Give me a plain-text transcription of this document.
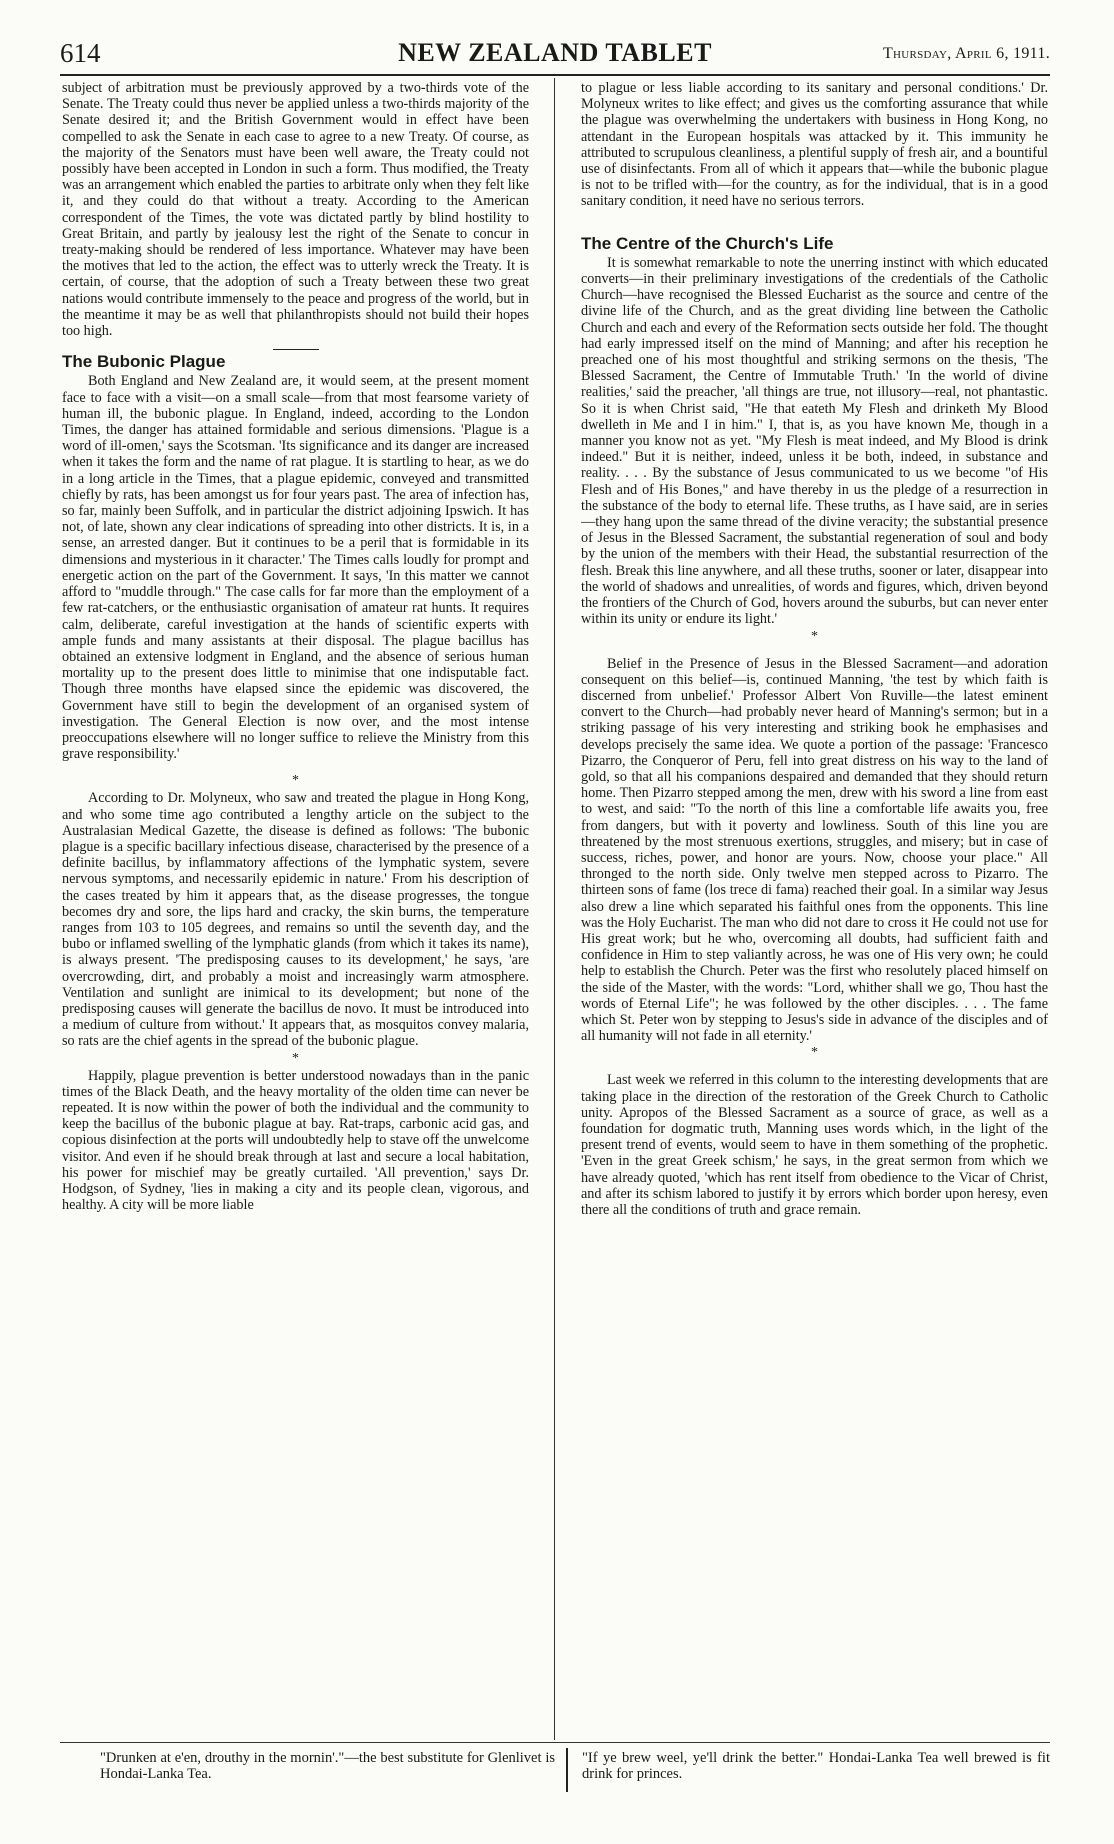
614	NEW ZEALAND TABLET	Thursday, April 6, 1911.

subject of arbitration must be previously approved by a two-thirds vote of the Senate. The Treaty could thus never be applied unless a two-thirds majority of the Senate desired it; and the British Government would in effect have been compelled to ask the Senate in each case to agree to a new Treaty. Of course, as the majority of the Senators must have been well aware, the Treaty could not possibly have been accepted in London in such a form. Thus modified, the Treaty was an arrangement which enabled the parties to arbitrate only when they felt like it, and they could do that without a treaty. According to the American correspondent of the Times, the vote was dictated partly by blind hostility to Great Britain, and partly by jealousy lest the right of the Senate to concur in treaty-making should be rendered of less importance. Whatever may have been the motives that led to the action, the effect was to utterly wreck the Treaty. It is certain, of course, that the adoption of such a Treaty between these two great nations would contribute immensely to the peace and progress of the world, but in the meantime it may be as well that philanthropists should not build their hopes too high.

The Bubonic Plague

Both England and New Zealand are, it would seem, at the present moment face to face with a visit—on a small scale—from that most fearsome variety of human ill, the bubonic plague. In England, indeed, according to the London Times, the danger has attained formidable and serious dimensions. 'Plague is a word of ill-omen,' says the Scotsman. 'Its significance and its danger are increased when it takes the form and the name of rat plague. It is startling to hear, as we do in a long article in the Times, that a plague epidemic, conveyed and transmitted chiefly by rats, has been amongst us for four years past. The area of infection has, so far, mainly been Suffolk, and in particular the district adjoining Ipswich. It has not, of late, shown any clear indications of spreading into other districts. It is, in a sense, an arrested danger. But it continues to be a peril that is formidable in its dimensions and mysterious in it character.' The Times calls loudly for prompt and energetic action on the part of the Government. It says, 'In this matter we cannot afford to "muddle through." The case calls for far more than the employment of a few rat-catchers, or the enthusiastic organisation of amateur rat hunts. It requires calm, deliberate, careful investigation at the hands of scientific experts with ample funds and many assistants at their disposal. The plague bacillus has obtained an extensive lodgment in England, and the absence of serious human mortality up to the present does little to minimise that one indisputable fact. Though three months have elapsed since the epidemic was discovered, the Government have still to begin the development of an organised system of investigation. The General Election is now over, and the most intense preoccupations elsewhere will no longer suffice to relieve the Ministry from this grave responsibility.'

*

According to Dr. Molyneux, who saw and treated the plague in Hong Kong, and who some time ago contributed a lengthy article on the subject to the Australasian Medical Gazette, the disease is defined as follows: 'The bubonic plague is a specific bacillary infectious disease, characterised by the presence of a definite bacillus, by inflammatory affections of the lymphatic system, severe nervous symptoms, and necessarily epidemic in nature.' From his description of the cases treated by him it appears that, as the disease progresses, the tongue becomes dry and sore, the lips hard and cracky, the skin burns, the temperature ranges from 103 to 105 degrees, and remains so until the seventh day, and the bubo or inflamed swelling of the lymphatic glands (from which it takes its name), is always present. 'The predisposing causes to its development,' he says, 'are overcrowding, dirt, and probably a moist and increasingly warm atmosphere. Ventilation and sunlight are inimical to its development; but none of the predisposing causes will generate the bacillus de novo. It must be introduced into a medium of culture from without.' It appears that, as mosquitos convey malaria, so rats are the chief agents in the spread of the bubonic plague.

*

Happily, plague prevention is better understood nowadays than in the panic times of the Black Death, and the heavy mortality of the olden time can never be repeated. It is now within the power of both the individual and the community to keep the bacillus of the bubonic plague at bay. Rat-traps, carbonic acid gas, and copious disinfection at the ports will undoubtedly help to stave off the unwelcome visitor. And even if he should break through at last and secure a local habitation, his power for mischief may be greatly curtailed. 'All prevention,' says Dr. Hodgson, of Sydney, 'lies in making a city and its people clean, vigorous, and healthy. A city will be more liable

to plague or less liable according to its sanitary and personal conditions.' Dr. Molyneux writes to like effect; and gives us the comforting assurance that while the plague was overwhelming the undertakers with business in Hong Kong, no attendant in the European hospitals was attacked by it. This immunity he attributed to scrupulous cleanliness, a plentiful supply of fresh air, and a bountiful use of disinfectants. From all of which it appears that—while the bubonic plague is not to be trifled with—for the country, as for the individual, that is in a good sanitary condition, it need have no serious terrors.

The Centre of the Church's Life

It is somewhat remarkable to note the unerring instinct with which educated converts—in their preliminary investigations of the credentials of the Catholic Church—have recognised the Blessed Eucharist as the source and centre of the divine life of the Church, and as the great dividing line between the Catholic Church and each and every of the Reformation sects outside her fold. The thought had early impressed itself on the mind of Manning; and after his reception he preached one of his most thoughtful and striking sermons on the thesis, 'The Blessed Sacrament, the Centre of Immutable Truth.' 'In the world of divine realities,' said the preacher, 'all things are true, not illusory—real, not phantastic. So it is when Christ said, "He that eateth My Flesh and drinketh My Blood dwelleth in Me and I in him." I, that is, as you have known Me, though in a manner you know not as yet. "My Flesh is meat indeed, and My Blood is drink indeed." But it is neither, indeed, unless it be both, indeed, in substance and reality. . . . By the substance of Jesus communicated to us we become "of His Flesh and of His Bones," and have thereby in us the pledge of a resurrection in the substance of the body to eternal life. These truths, as I have said, are in series—they hang upon the same thread of the divine veracity; the substantial presence of Jesus in the Blessed Sacrament, the substantial regeneration of soul and body by the union of the members with their Head, the substantial resurrection of the flesh. Break this line anywhere, and all these truths, sooner or later, disappear into the world of shadows and unrealities, of words and figures, which, driven beyond the frontiers of the Church of God, hovers around the suburbs, but can never enter within its unity or endure its light.'

*

Belief in the Presence of Jesus in the Blessed Sacrament—and adoration consequent on this belief—is, continued Manning, 'the test by which faith is discerned from unbelief.' Professor Albert Von Ruville—the latest eminent convert to the Church—had probably never heard of Manning's sermon; but in a striking passage of his very interesting and striking book he emphasises and develops precisely the same idea. We quote a portion of the passage: 'Francesco Pizarro, the Conqueror of Peru, fell into great distress on his way to the land of gold, so that all his companions despaired and demanded that they should return home. Then Pizarro stepped among the men, drew with his sword a line from east to west, and said: "To the north of this line a comfortable life awaits you, free from dangers, but with it poverty and lowliness. South of this line you are threatened by the most strenuous exertions, struggles, and misery; but in case of success, riches, power, and honor are yours. Now, choose your place." All thronged to the north side. Only twelve men stepped across to Pizarro. The thirteen sons of fame (los trece di fama) reached their goal. In a similar way Jesus also drew a line which separated his faithful ones from the opponents. This line was the Holy Eucharist. The man who did not dare to cross it He could not use for His great work; but he who, overcoming all doubts, had sufficient faith and confidence in Him to step valiantly across, he was one of His very own; he could help to establish the Church. Peter was the first who resolutely placed himself on the side of the Master, with the words: "Lord, whither shall we go, Thou hast the words of Eternal Life"; he was followed by the other disciples. . . . The fame which St. Peter won by stepping to Jesus's side in advance of the disciples and of all humanity will not fade in all eternity.'

*

Last week we referred in this column to the interesting developments that are taking place in the direction of the restoration of the Greek Church to Catholic unity. Apropos of the Blessed Sacrament as a source of grace, as well as a foundation for dogmatic truth, Manning uses words which, in the light of the present trend of events, would seem to have in them something of the prophetic. 'Even in the great Greek schism,' he says, in the great sermon from which we have already quoted, 'which has rent itself from obedience to the Vicar of Christ, and after its schism labored to justify it by errors which border upon heresy, even there all the conditions of truth and grace remain.

"Drunken at e'en, drouthy in the mornin'."—the best substitute for Glenlivet is Hondai-Lanka Tea.
"If ye brew weel, ye'll drink the better." Hondai-Lanka Tea well brewed is fit drink for princes.
